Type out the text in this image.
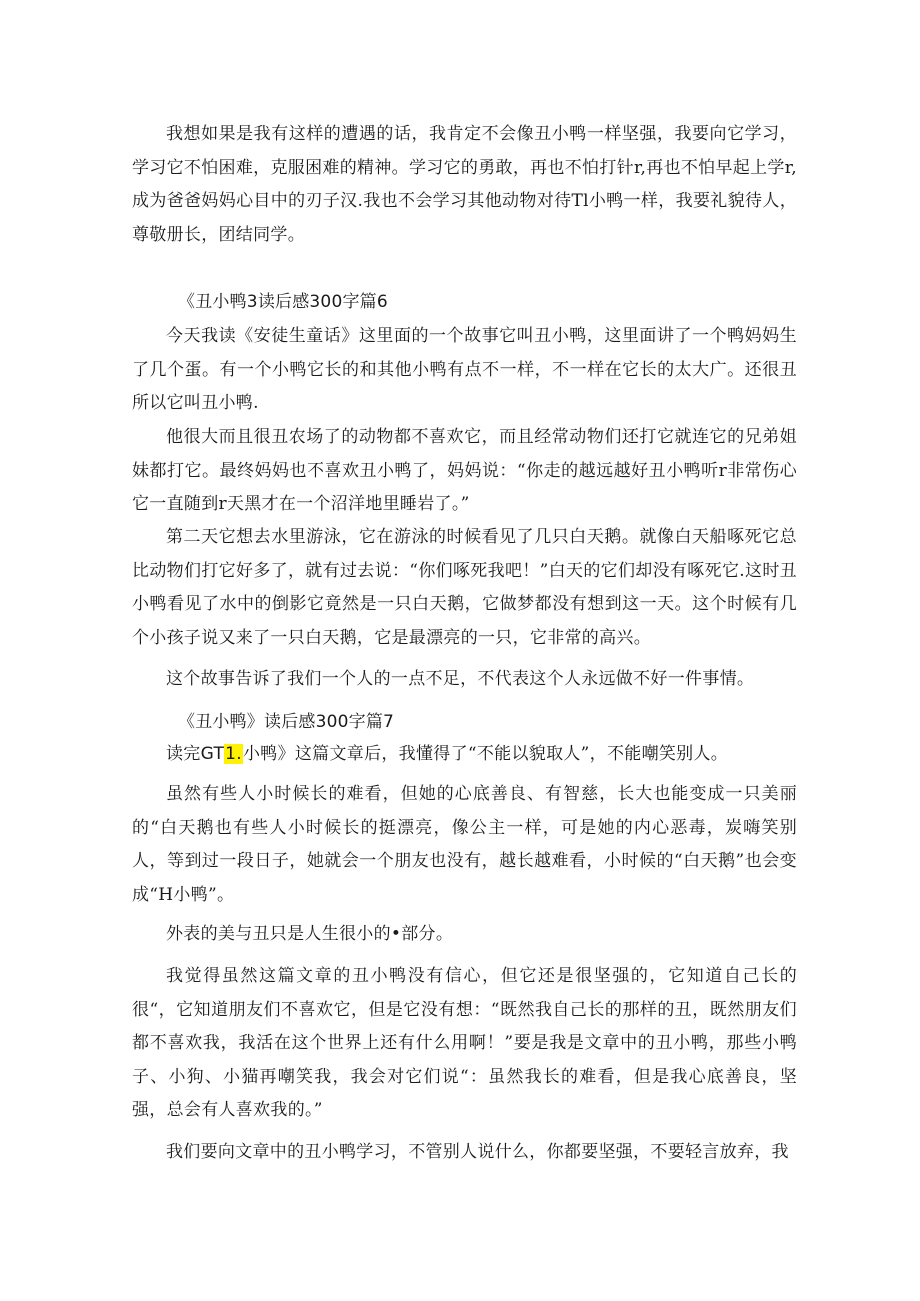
我想如果是我有这样的遭遇的话，我肯定不会像丑小鸭一样坚强，我要向它学习，学习它不怕困难，克服困难的精神。学习它的勇敢，再也不怕打针r,再也不怕早起上学r,成为爸爸妈妈心目中的刃子汉.我也不会学习其他动物对待Tl小鸭一样，我要礼貌待人，尊敬册长，团结同学。

《丑小鸭3读后感300字篇6

今天我读《安徒生童话》这里面的一个故事它叫丑小鸭，这里面讲了一个鸭妈妈生了几个蛋。有一个小鸭它长的和其他小鸭有点不一样，不一样在它长的太大广。还很丑所以它叫丑小鸭.

他很大而且很丑农场了的动物都不喜欢它，而且经常动物们还打它就连它的兄弟姐妹都打它。最终妈妈也不喜欢丑小鸭了，妈妈说：“你走的越远越好丑小鸭听r非常伤心它一直随到r天黑才在一个沼洋地里睡岩了。”

第二天它想去水里游泳，它在游泳的时候看见了几只白天鹅。就像白天船啄死它总比动物们打它好多了，就有过去说：“你们啄死我吧！”白天的它们却没有啄死它.这时丑小鸭看见了水中的倒影它竟然是一只白天鹅，它做梦都没有想到这一天。这个时候有几个小孩子说又来了一只白天鹅，它是最漂亮的一只，它非常的高兴。

这个故事告诉了我们一个人的一点不足，不代表这个人永远做不好一件事情。

《丑小鸭》读后感300字篇7

读完GT1.小鸭》这篇文章后，我懂得了“不能以貌取人”，不能嘲笑别人。

虽然有些人小时候长的难看，但她的心底善良、有智慈，长大也能变成一只美丽的“白天鹅也有些人小时候长的挺漂亮，像公主一样，可是她的内心恶毒，炭嗨笑别人，等到过一段日子，她就会一个朋友也没有，越长越难看，小时候的“白天鹅”也会变成“H小鸭”。

外表的美与丑只是人生很小的•部分。

我觉得虽然这篇文章的丑小鸭没有信心，但它还是很坚强的，它知道自己长的很“，它知道朋友们不喜欢它，但是它没有想：“既然我自己长的那样的丑，既然朋友们都不喜欢我，我活在这个世界上还有什么用啊！”要是我是文章中的丑小鸭，那些小鸭子、小狗、小猫再嘲笑我，我会对它们说“：虽然我长的难看，但是我心底善良，坚强，总会有人喜欢我的。”

我们要向文章中的丑小鸭学习，不管别人说什么，你都要坚强，不要轻言放弃，我
